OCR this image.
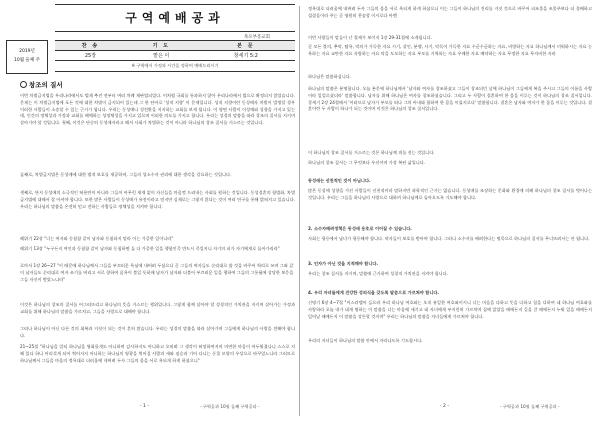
구역예배공과
목포부흥교회
2019년
10월 둘째 주
찬 송	기 도	본 문
25장	맡은 이	창세기 5:2
※ 구역에서 가정과 시간을 정하여 예배드리시기
창조의 질서
이번 차별금지법을 우리나라에서도 법제 추진 전부터 여러 차례 재판업되었다. 이처럼 국회를 통과하지 않아 우리나라에서 법으로 확정되지 않았습니다. 문제는 이 차별금지법에 포든 것에 대한 차별이 금지되어 있는데 그 한 단어로 '성적 지향' 이 문제입니다. 성적 지향이란 동성애자 차별이 발생할 경우 이러한 사람들이 소송할 수 있는 근거가 됩니다. 우리는 동성애나 성전환을 지지하는 교회를 보게 됩니다. 이 양면 사람이 이성애와 성향을 가지고 있는데, 인간의 정체성과 가정과 교회를 해체하는 성정체성을 가지고 있으며 이러한 의도를 가지고 합니다. 우리는 성경의 말씀을 따라 창조의 질서를 지키며 살아가야 할 것입니다. 첫째, 이것은 단순히 동성애자라고 해서 사회가 차별하는 것이 아니라 하나님의 창조 질서를 거스르는 것입니다.
둘째로, 차별금지법은 동성애에 대한 법적 보호를 제공하며, 그들의 성소수자 권리에 대한 생각을 강요하는 것입니다.
셋째로, 단지 동성애의 소극적인 허용만이 아니라 그들이 아무런 제재 없이 자신들을 마음껏 드러내는 사회를 원하는 것입니다. 동성결혼의 합법화, 차별 금지법에 대해서 잘 아셔야 합니다. 또한 많은 사람들이 동성애가 유전이라고 믿지만 실제로는 그렇지 않다는 것이 여러 연구를 통해 밝혀지고 있습니다. 우리는 하나님의 말씀을 온전히 믿고 전하는 사람들로 정체성을 지켜야 합니다.
레위기 22장 "너는 여자와 동침함 같이 남자와 동침하지 말라 이는 가증한 일이니라"
레위기 13장 "누구든지 여인과 동침함 같이 남자와 동침하면 둘 다 가증한 일을 행함인즉 반드시 죽일지니 자기의 피가 자기에게로 돌아가리라"
로마서 1장 26~27 "이 때문에 하나님께서 그들을 부끄러운 욕심에 내버려 두셨으니 곧 그들의 여자들도 순리대로 쓸 것을 바꾸어 역리로 쓰며 그와 같이 남자들도 순리대로 여자 쓰기를 버리고 서로 향하여 음욕이 불일 듯하매 남자가 남자와 더불어 부끄러운 일을 행하여 그들의 그릇됨에 상당한 보응을 그들 자신이 받았느니라"
이것은 하나님의 창조의 질서를 어그러뜨리고 하나님의 뜻을 거스르는 행위입니다. 그렇게 함께 살아야 할 성경적인 가치관을 지키며 살아가는 가정과 교회를 위해 하나님의 말씀을 가르치고, 그들을 사랑으로 대해야 합니다.
그러나 하나님이 아닌 다른 것의 회복과 거짓이 되는 것이 흔히 많습니다. 우리는 성경의 말씀을 따라 살아가며 그들에게 하나님의 사랑을 전해야 합니다.
21~25절 "하나님을 알되 하나님을 영화롭게도 아니하며 감사하지도 아니하고 오히려 그 생각이 허망하여지며 미련한 마음이 어두워졌나니 스스로 지혜 있다 하나 어리석게 되어 썩어지지 아니하는 하나님의 영광을 썩어질 사람과 새와 짐승과 기어 다니는 동물 모양의 우상으로 바꾸었느니라 그러므로 하나님께서 그들을 마음의 정욕대로 더러움에 내버려 두사 그들의 몸을 서로 욕되게 하게 하셨으니"
- 1 -	- 구역공과 10월 둘째 구역공과 -
정욕대로 더러움에 내버려 두사 그들의 몸을 서로 욕되게 하게 하셨으니 이는 그들이 하나님의 진리를 거짓 것으로 바꾸어 피조물을 조물주보다 더 경배하고 섬겼음이라 주는 곧 영원히 찬송할 이시로다 아멘
이번 사랑들이 말들이 난 절제가 보이지 1장 29-31절에 소개됩니다.
곧 모든 불의, 추악, 탐욕, 악의가 가득한 자요 시기, 살인, 분쟁, 사기, 악독이 가득한 자요 수군수군하는 자요, 비방하는 자요 하나님께서 미워하시는 자요 능욕하는 자요 교만한 자요 자랑하는 자요 악을 도모하는 자요 부모를 거역하는 자요 우매한 자요 배약하는 자요 무정한 자요 무자비한 자라
하나님은 말씀하십니다.
하나님의 말씀은 분명합니다. 오늘 본문에 하나님께서 '남자와 여자를 창조하셨고 그들이 창조되던 날에 하나님이 그들에게 복을 주시고 그들의 이름을 사람이라 일컬으셨더라' 말씀합니다. 남자를 위해 하나님은 여자를 창조하셨습니다. 그리고 두 사람이 결혼하여 한 몸을 이루는 것이 하나님의 창조 질서입니다. 창세기 2장 24절에서 '이러므로 남자가 부모를 떠나 그의 아내와 합하여 한 몸을 이룰지로다' 말씀합니다. 결혼은 남자와 여자가 한 몸을 이루는 것입니다. 결혼이란 두 사람이 하나가 되는 것이며 이것은 하나님의 창조 질서입니다.
이 하나님의 창조 질서를 거스르는 것은 하나님께 죄를 짓는 것입니다.
하나님의 창조 질서는 그 무엇보다 우선이며 가장 복된 삶입니다.
동성애는 선천적인 것이 아닙니다.
많은 동성애 성향을 가진 사람들이 선천적이라 말하지만 과학적인 근거는 없습니다. 동성애를 조장하는 문화와 환경에 의해 하나님의 창조 질서를 벗어나는 것입니다. 우리는 그들을 하나님의 사랑으로 대하며 하나님께로 돌아오도록 기도해야 합니다.
2. 소수자배려정책은 동성애 옹호로 이어질 수 있습니다.
사회는 평등에서 남녀가 평등해야 합니다. 약자들이 보호를 받아야 합니다. 그러나 소수자를 배려한다는 명목으로 하나님의 질서를 무너뜨려서는 안 됩니다.
3. 인자가 아닌 것을 지적해야 합니다.
우리는 창조 질서를 지키며, 말씀에 근거하여 성경적 가치관을 지켜야 합니다.
4. 우리 자녀들에게 건강한 성의식을 갖도록 말씀으로 가르쳐야 합니다.
신명기 6장 4~7절 "이스라엘아 들으라 우리 하나님 여호와는 오직 유일한 여호와이시니 너는 마음을 다하고 뜻을 다하고 힘을 다하여 네 하나님 여호와를 사랑하라 오늘 내가 네게 명하는 이 말씀을 너는 마음에 새기고 네 자녀에게 부지런히 가르치며 집에 앉았을 때에든지 길을 갈 때에든지 누워 있을 때에든지 일어날 때에든지 이 말씀을 강론할 것이며" 우리는 하나님의 말씀을 자녀들에게 가르쳐야 합니다.
우리의 자녀들이 하나님의 말씀 안에서 자라나도록 기도합시다.
- 2 -	- 구역공과 10월 둘째 구역공과 -
